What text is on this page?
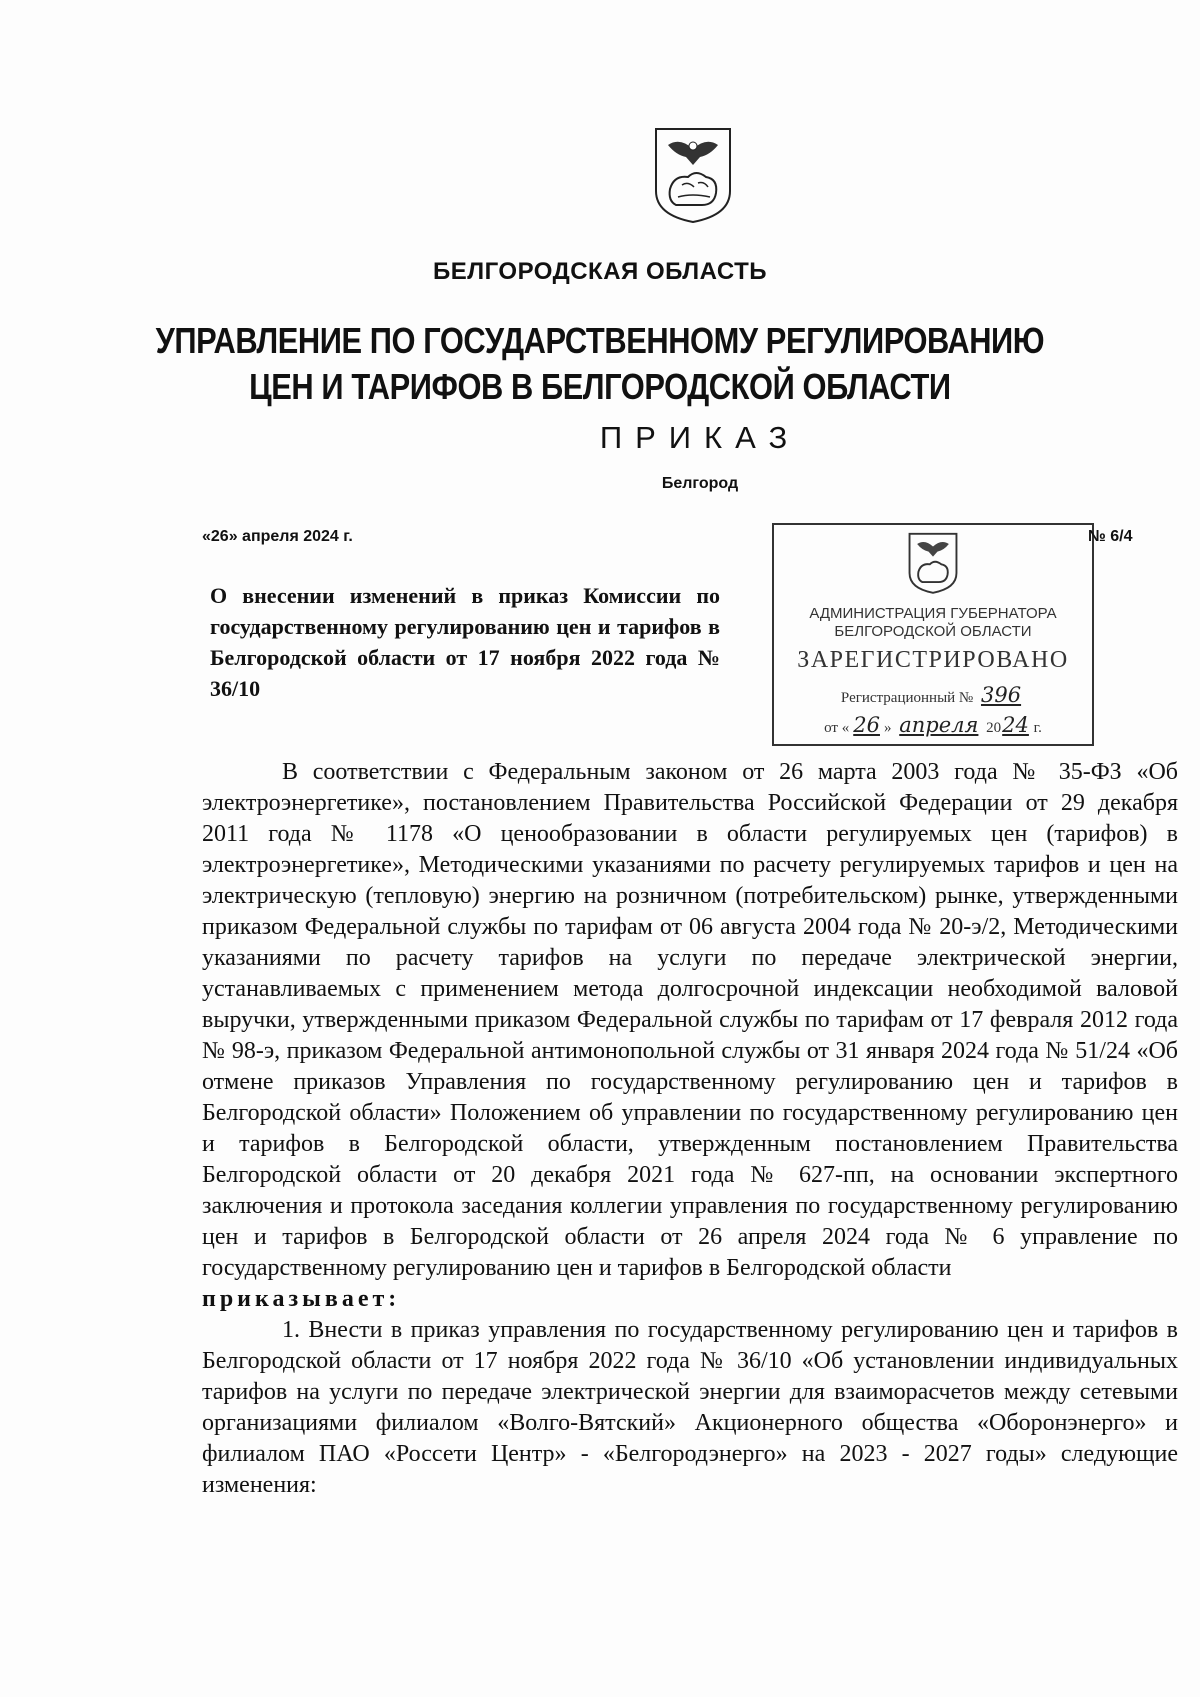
БЕЛГОРОДСКАЯ ОБЛАСТЬ
УПРАВЛЕНИЕ ПО ГОСУДАРСТВЕННОМУ РЕГУЛИРОВАНИЮ
ЦЕН И ТАРИФОВ В БЕЛГОРОДСКОЙ ОБЛАСТИ
ПРИКАЗ
Белгород
«26» апреля 2024 г.
АДМИНИСТРАЦИЯ ГУБЕРНАТОРА
БЕЛГОРОДСКОЙ ОБЛАСТИ
ЗАРЕГИСТРИРОВАНО
Регистрационный № 396
от « 26 » апреля 2024 г.
№ 6/4
О внесении изменений в приказ Комиссии по государственному регулированию цен и тарифов в Белгородской области от 17 ноября 2022 года № 36/10

В соответствии с Федеральным законом от 26 марта 2003 года № 35-ФЗ «Об электроэнергетике», постановлением Правительства Российской Федерации от 29 декабря 2011 года № 1178 «О ценообразовании в области регулируемых цен (тарифов) в электроэнергетике», Методическими указаниями по расчету регулируемых тарифов и цен на электрическую (тепловую) энергию на розничном (потребительском) рынке, утвержденными приказом Федеральной службы по тарифам от 06 августа 2004 года № 20-э/2, Методическими указаниями по расчету тарифов на услуги по передаче электрической энергии, устанавливаемых с применением метода долгосрочной индексации необходимой валовой выручки, утвержденными приказом Федеральной службы по тарифам от 17 февраля 2012 года № 98-э, приказом Федеральной антимонопольной службы от 31 января 2024 года № 51/24 «Об отмене приказов Управления по государственному регулированию цен и тарифов в Белгородской области» Положением об управлении по государственному регулированию цен и тарифов в Белгородской области, утвержденным постановлением Правительства Белгородской области от 20 декабря 2021 года № 627-пп, на основании экспертного заключения и протокола заседания коллегии управления по государственному регулированию цен и тарифов в Белгородской области от 26 апреля 2024 года № 6 управление по государственному регулированию цен и тарифов в Белгородской области
приказывает:

1. Внести в приказ управления по государственному регулированию цен и тарифов в Белгородской области от 17 ноября 2022 года № 36/10 «Об установлении индивидуальных тарифов на услуги по передаче электрической энергии для взаиморасчетов между сетевыми организациями филиалом «Волго-Вятский» Акционерного общества «Оборонэнерго» и филиалом ПАО «Россети Центр» - «Белгородэнерго» на 2023 - 2027 годы» следующие изменения:
